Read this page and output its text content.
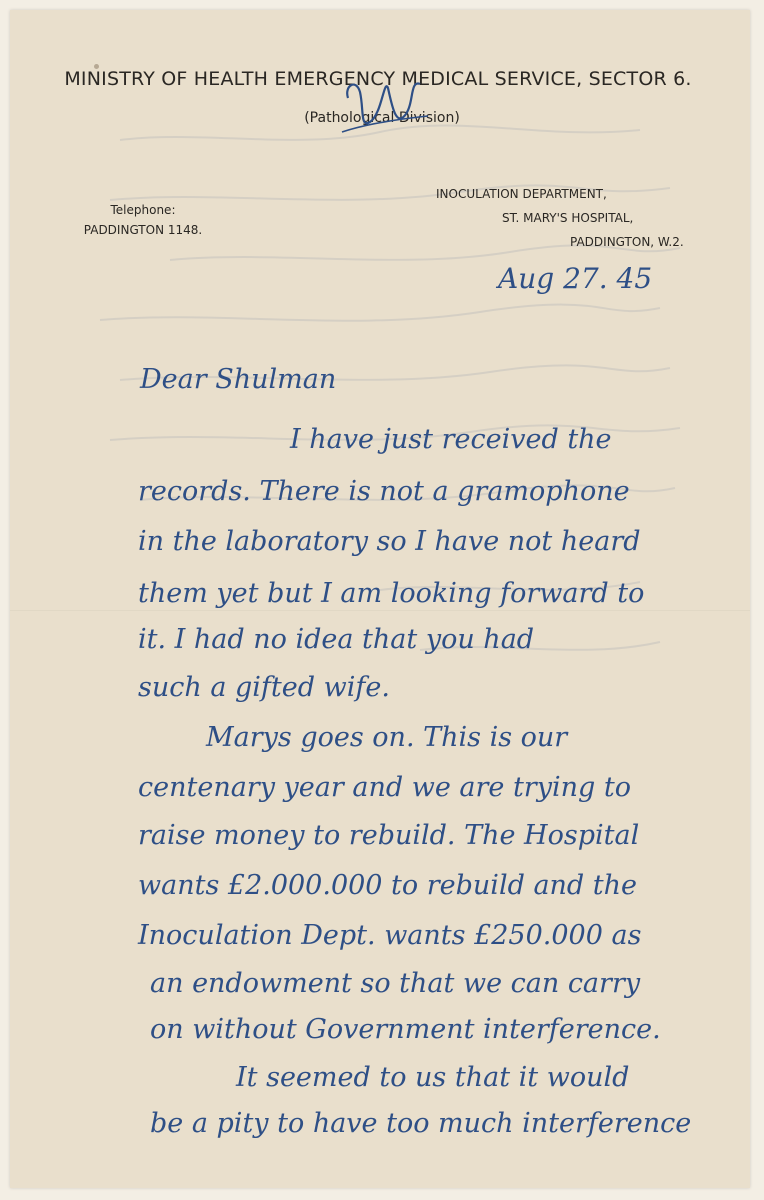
MINISTRY OF HEALTH EMERGENCY MEDICAL SERVICE, SECTOR 6.
(Pathological Division)
Telephone:
PADDINGTON 1148.
INOCULATION DEPARTMENT,
ST. MARY'S HOSPITAL,
PADDINGTON, W.2.
Aug 27. 45
Dear Shulman
I have just received the
records. There is not a gramophone
in the laboratory so I have not heard
them yet but I am looking forward to
it. I had no idea that you had
such a gifted wife.
Marys goes on. This is our
centenary year and we are trying to
raise money to rebuild. The Hospital
wants £2.000.000 to rebuild and the
Inoculation Dept. wants £250.000 as
an endowment so that we can carry
on without Government interference.
It seemed to us that it would
be a pity to have too much interference
